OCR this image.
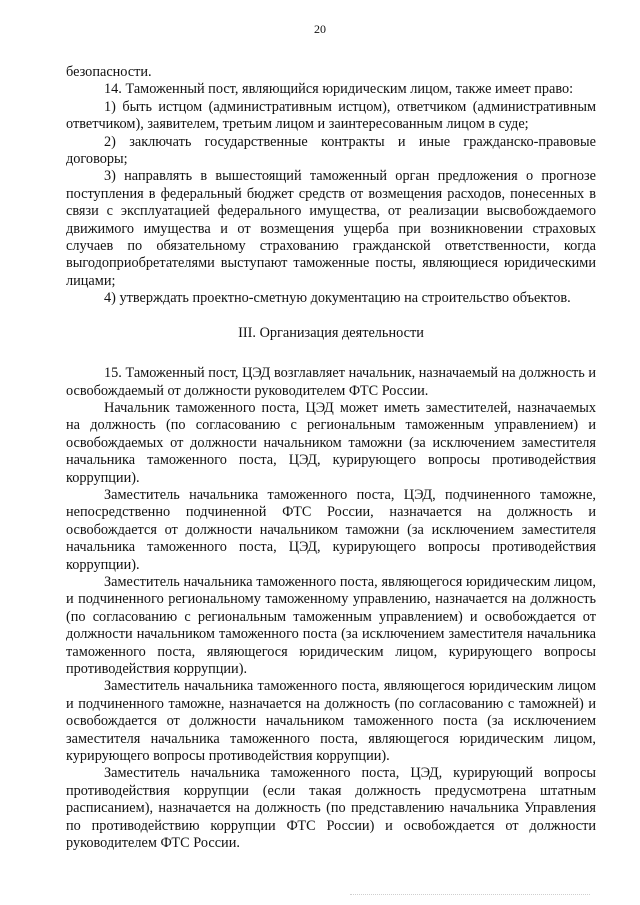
20

безопасности.

14. Таможенный пост, являющийся юридическим лицом, также имеет право:

1) быть истцом (административным истцом), ответчиком (административным ответчиком), заявителем, третьим лицом и заинтересованным лицом в суде;

2) заключать государственные контракты и иные гражданско-правовые договоры;

3) направлять в вышестоящий таможенный орган предложения о прогнозе поступления в федеральный бюджет средств от возмещения расходов, понесенных в связи с эксплуатацией федерального имущества, от реализации высвобождаемого движимого имущества и от возмещения ущерба при возникновении страховых случаев по обязательному страхованию гражданской ответственности, когда выгодоприобретателями выступают таможенные посты, являющиеся юридическими лицами;

4) утверждать проектно-сметную документацию на строительство объектов.

III. Организация деятельности

15. Таможенный пост, ЦЭД возглавляет начальник, назначаемый на должность и освобождаемый от должности руководителем ФТС России.

Начальник таможенного поста, ЦЭД может иметь заместителей, назначаемых на должность (по согласованию с региональным таможенным управлением) и освобождаемых от должности начальником таможни (за исключением заместителя начальника таможенного поста, ЦЭД, курирующего вопросы противодействия коррупции).

Заместитель начальника таможенного поста, ЦЭД, подчиненного таможне, непосредственно подчиненной ФТС России, назначается на должность и освобождается от должности начальником таможни (за исключением заместителя начальника таможенного поста, ЦЭД, курирующего вопросы противодействия коррупции).

Заместитель начальника таможенного поста, являющегося юридическим лицом, и подчиненного региональному таможенному управлению, назначается на должность (по согласованию с региональным таможенным управлением) и освобождается от должности начальником таможенного поста (за исключением заместителя начальника таможенного поста, являющегося юридическим лицом, курирующего вопросы противодействия коррупции).

Заместитель начальника таможенного поста, являющегося юридическим лицом и подчиненного таможне, назначается на должность (по согласованию с таможней) и освобождается от должности начальником таможенного поста (за исключением заместителя начальника таможенного поста, являющегося юридическим лицом, курирующего вопросы противодействия коррупции).

Заместитель начальника таможенного поста, ЦЭД, курирующий вопросы противодействия коррупции (если такая должность предусмотрена штатным расписанием), назначается на должность (по представлению начальника Управления по противодействию коррупции ФТС России) и освобождается от должности руководителем ФТС России.
